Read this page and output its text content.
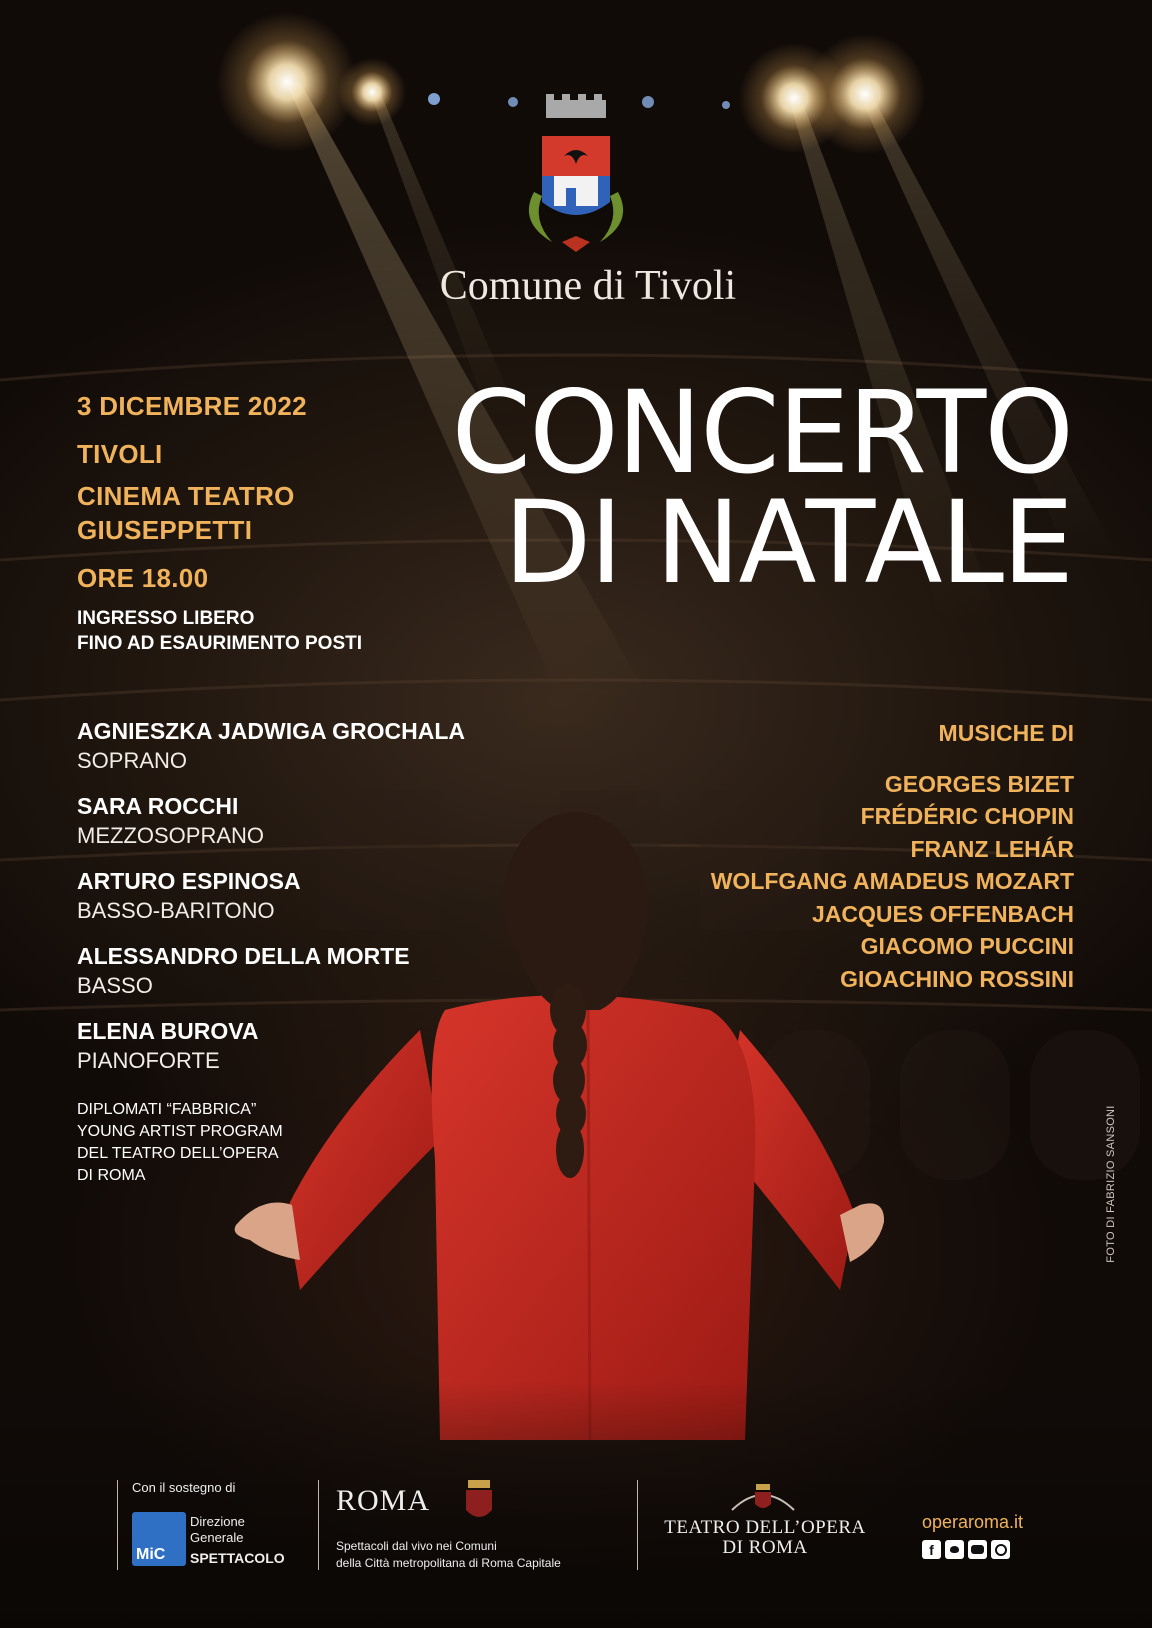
Comune di Tivoli
3 DICEMBRE 2022
TIVOLI
CINEMA TEATRO
GIUSEPPETTI
ORE 18.00
INGRESSO LIBERO
FINO AD ESAURIMENTO POSTI
CONCERTO
DI NATALE
AGNIESZKA JADWIGA GROCHALA
SOPRANO
SARA ROCCHI
MEZZOSOPRANO
ARTURO ESPINOSA
BASSO-BARITONO
ALESSANDRO DELLA MORTE
BASSO
ELENA BUROVA
PIANOFORTE
DIPLOMATI “FABBRICA”
YOUNG ARTIST PROGRAM
DEL TEATRO DELL’OPERA
DI ROMA
MUSICHE DI
GEORGES BIZET
FRÉDÉRIC CHOPIN
FRANZ LEHÁR
WOLFGANG AMADEUS MOZART
JACQUES OFFENBACH
GIACOMO PUCCINI
GIOACHINO ROSSINI
FOTO DI FABRIZIO SANSONI
Con il sostegno di
MiC
Direzione
Generale
SPETTACOLO
ROMA
Spettacoli dal vivo nei Comuni
della Città metropolitana di Roma Capitale
TEATRO DELL’OPERA
DI ROMA
operaroma.it
f
